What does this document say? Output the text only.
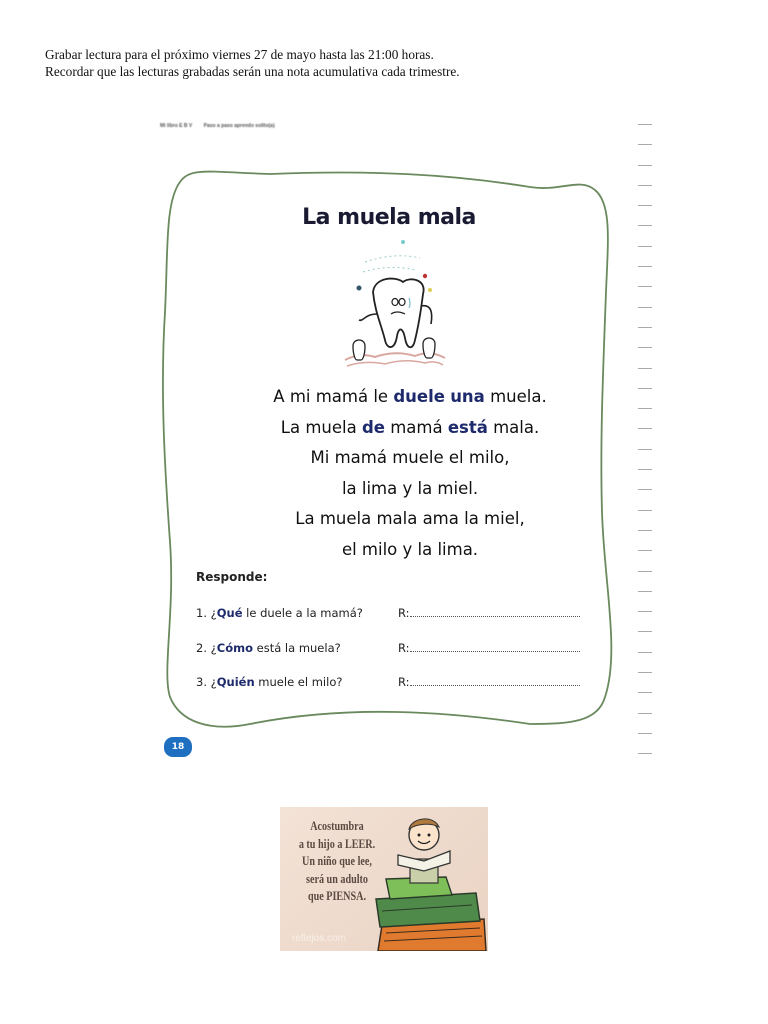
Grabar lectura para el próximo viernes 27 de mayo hasta las 21:00 horas.
Recordar que las lecturas grabadas serán una nota acumulativa cada trimestre.
Mi libro E B V Paso a paso aprendo solito(a)
La muela mala
A mi mamá le duele una muela.
La muela de mamá está mala.
Mi mamá muele el milo,
la lima y la miel.
La muela mala ama la miel,
el milo y la lima.
Responde:
1. ¿Qué le duele a la mamá?	R:
2. ¿Cómo está la muela?	R:
3. ¿Quién muele el milo?	R:
18
Acostumbra
a tu hijo a LEER.
Un niño que lee,
será un adulto
que PIENSA.
reflejos.com
